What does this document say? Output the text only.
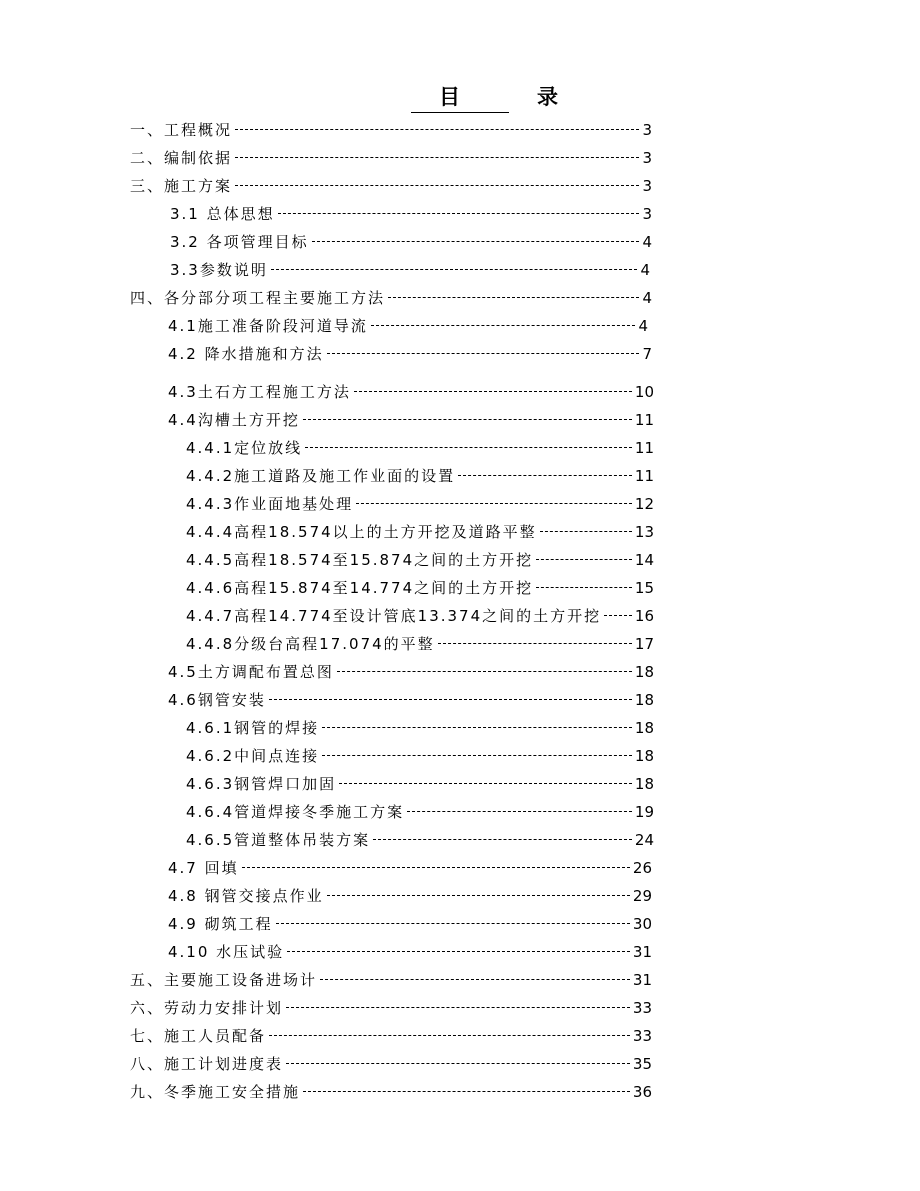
目　录
一、工程概况	3
二、编制依据	3
三、施工方案	3
3.1 总体思想	3
3.2 各项管理目标	4
3.3参数说明	4
四、各分部分项工程主要施工方法	4
4.1施工准备阶段河道导流	4
4.2 降水措施和方法	7
4.3土石方工程施工方法	10
4.4沟槽土方开挖	11
4.4.1定位放线	11
4.4.2施工道路及施工作业面的设置	11
4.4.3作业面地基处理	12
4.4.4高程18.574以上的土方开挖及道路平整	13
4.4.5高程18.574至15.874之间的土方开挖	14
4.4.6高程15.874至14.774之间的土方开挖	15
4.4.7高程14.774至设计管底13.374之间的土方开挖 16
4.4.8分级台高程17.074的平整	17
4.5土方调配布置总图	18
4.6钢管安装	18
4.6.1钢管的焊接	18
4.6.2中间点连接	18
4.6.3钢管焊口加固	18
4.6.4管道焊接冬季施工方案	19
4.6.5管道整体吊装方案	24
4.7 回填	26
4.8 钢管交接点作业	29
4.9 砌筑工程	30
4.10 水压试验	31
五、主要施工设备进场计	31
六、劳动力安排计划	33
七、施工人员配备	33
八、施工计划进度表	35
九、冬季施工安全措施	36
